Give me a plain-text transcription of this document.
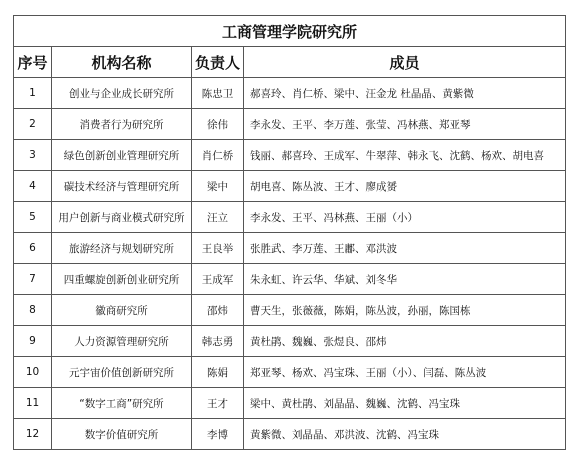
工商管理学院研究所			
序号	机构名称	负责人	成员
1	创业与企业成长研究所	陈忠卫	郝喜玲、肖仁桥、梁中、汪金龙 杜晶晶、黄紫微
2	消费者行为研究所	徐伟	李永发、王平、李万莲、张莹、冯林燕、郑亚琴
3	绿色创新创业管理研究所	肖仁桥	钱丽、郝喜玲、王成军、牛翠萍、韩永飞、沈鹤、杨欢、胡电喜
4	碳技术经济与管理研究所	梁中	胡电喜、陈丛波、王才、廖成赟
5	用户创新与商业模式研究所	汪立	李永发、王平、冯林燕、王丽（小）
6	旅游经济与规划研究所	王良举	张胜武、李万莲、王鄘、邓洪波
7	四重螺旋创新创业研究所	王成军	朱永虹、许云华、华斌、刘冬华
8	徽商研究所	邵炜	曹天生，张薇薇，陈娟，陈丛波，孙丽，陈国栋
9	人力资源管理研究所	韩志勇	黄杜鹃、魏巍、张煜良、邵炜
10	元宇宙价值创新研究所	陈娟	郑亚琴、杨欢、冯宝珠、王丽（小）、闫磊、陈丛波
11	“数字工商”研究所	王才	梁中、黄杜鹃、刘晶晶、魏巍、沈鹤、冯宝珠
12	数字价值研究所	李博	黄紫微、刘晶晶、邓洪波、沈鹤、冯宝珠
